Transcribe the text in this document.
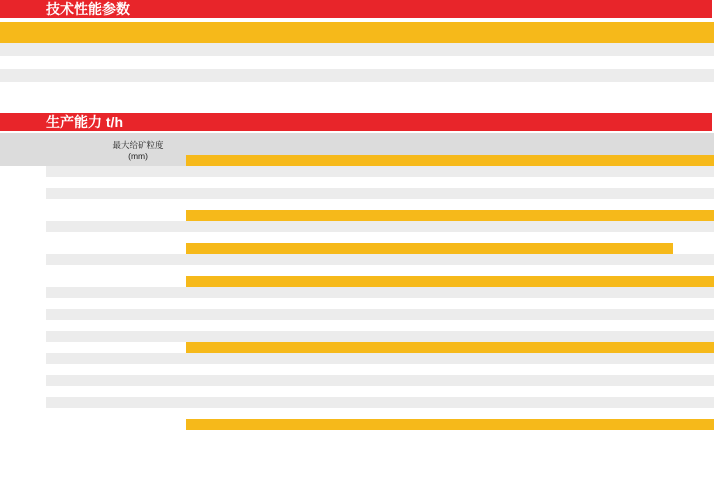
技术性能参数

生产能力 t/h

		最大给矿粒度
(mm)													
